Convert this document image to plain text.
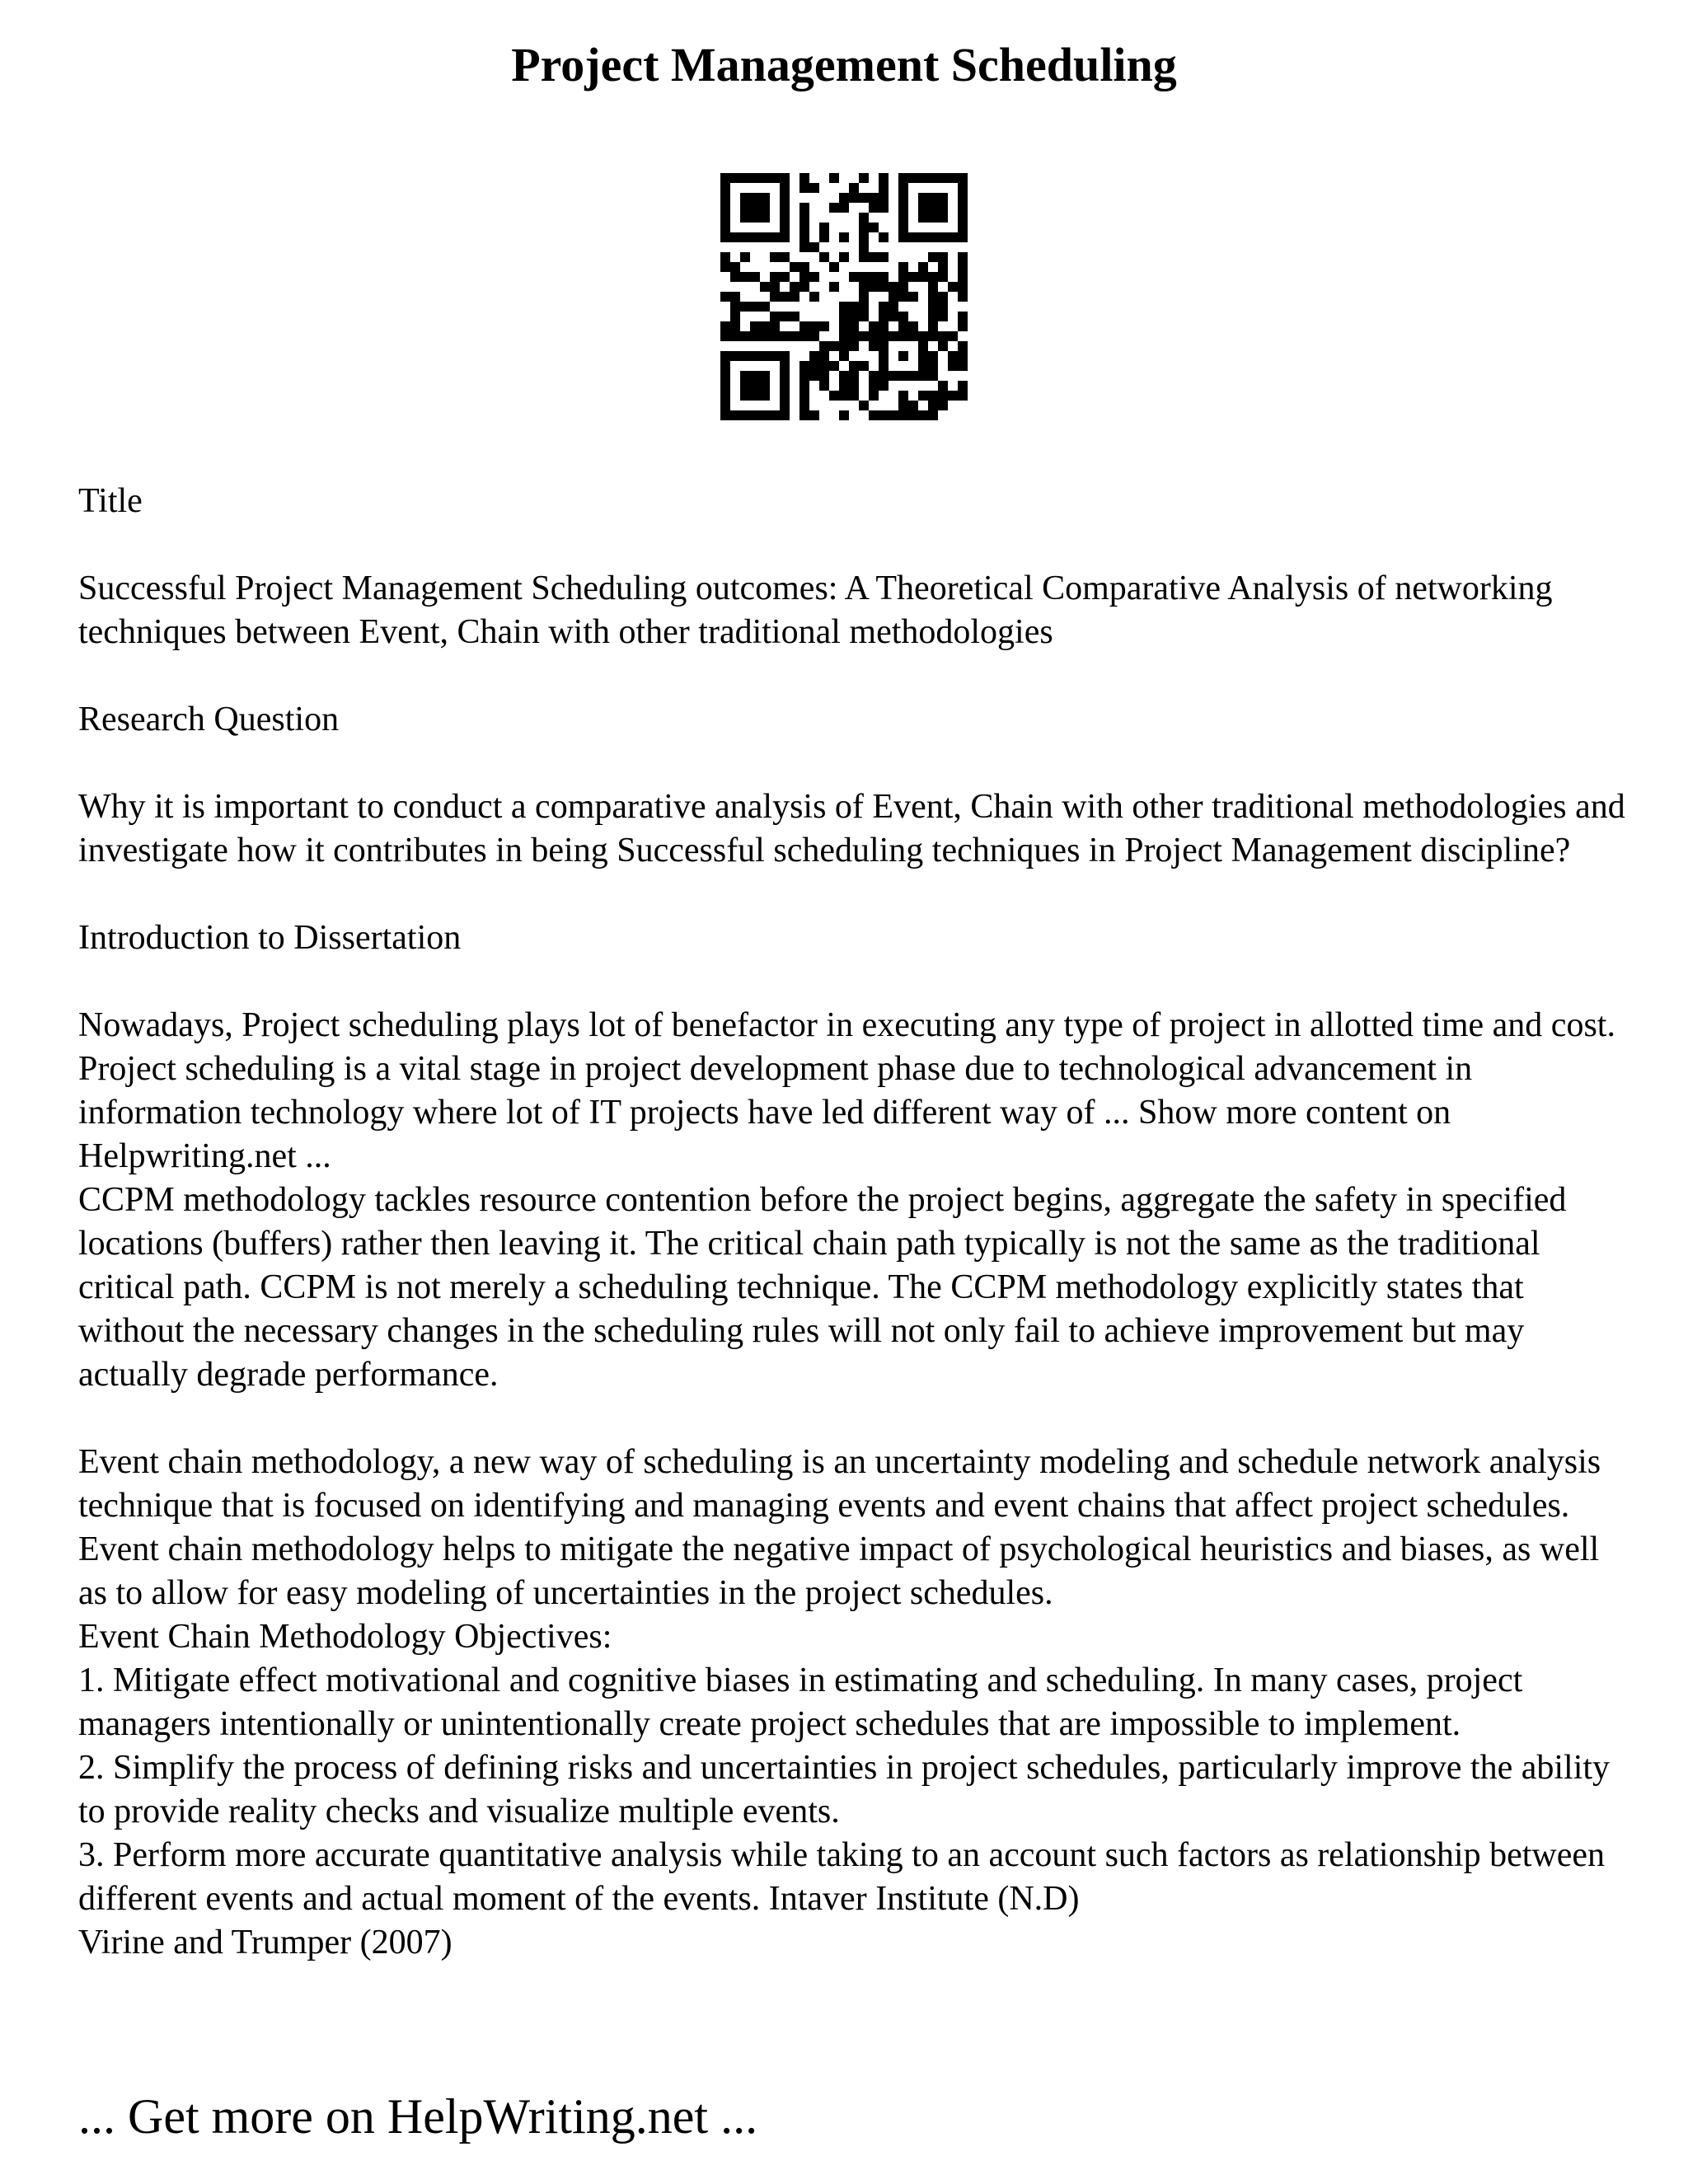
Project Management Scheduling

Title

Successful Project Management Scheduling outcomes: A Theoretical Comparative Analysis of networking techniques between Event, Chain with other traditional methodologies

Research Question

Why it is important to conduct a comparative analysis of Event, Chain with other traditional methodologies and investigate how it contributes in being Successful scheduling techniques in Project Management discipline?

Introduction to Dissertation

Nowadays, Project scheduling plays lot of benefactor in executing any type of project in allotted time and cost. Project scheduling is a vital stage in project development phase due to technological advancement in information technology where lot of IT projects have led different way of ... Show more content on Helpwriting.net ...

CCPM methodology tackles resource contention before the project begins, aggregate the safety in specified locations (buffers) rather then leaving it. The critical chain path typically is not the same as the traditional critical path. CCPM is not merely a scheduling technique. The CCPM methodology explicitly states that without the necessary changes in the scheduling rules will not only fail to achieve improvement but may actually degrade performance.

Event chain methodology, a new way of scheduling is an uncertainty modeling and schedule network analysis technique that is focused on identifying and managing events and event chains that affect project schedules. Event chain methodology helps to mitigate the negative impact of psychological heuristics and biases, as well as to allow for easy modeling of uncertainties in the project schedules.

Event Chain Methodology Objectives:

1. Mitigate effect motivational and cognitive biases in estimating and scheduling. In many cases, project managers intentionally or unintentionally create project schedules that are impossible to implement.

2. Simplify the process of defining risks and uncertainties in project schedules, particularly improve the ability to provide reality checks and visualize multiple events.

3. Perform more accurate quantitative analysis while taking to an account such factors as relationship between different events and actual moment of the events. Intaver Institute (N.D)

Virine and Trumper (2007)

... Get more on HelpWriting.net ...
